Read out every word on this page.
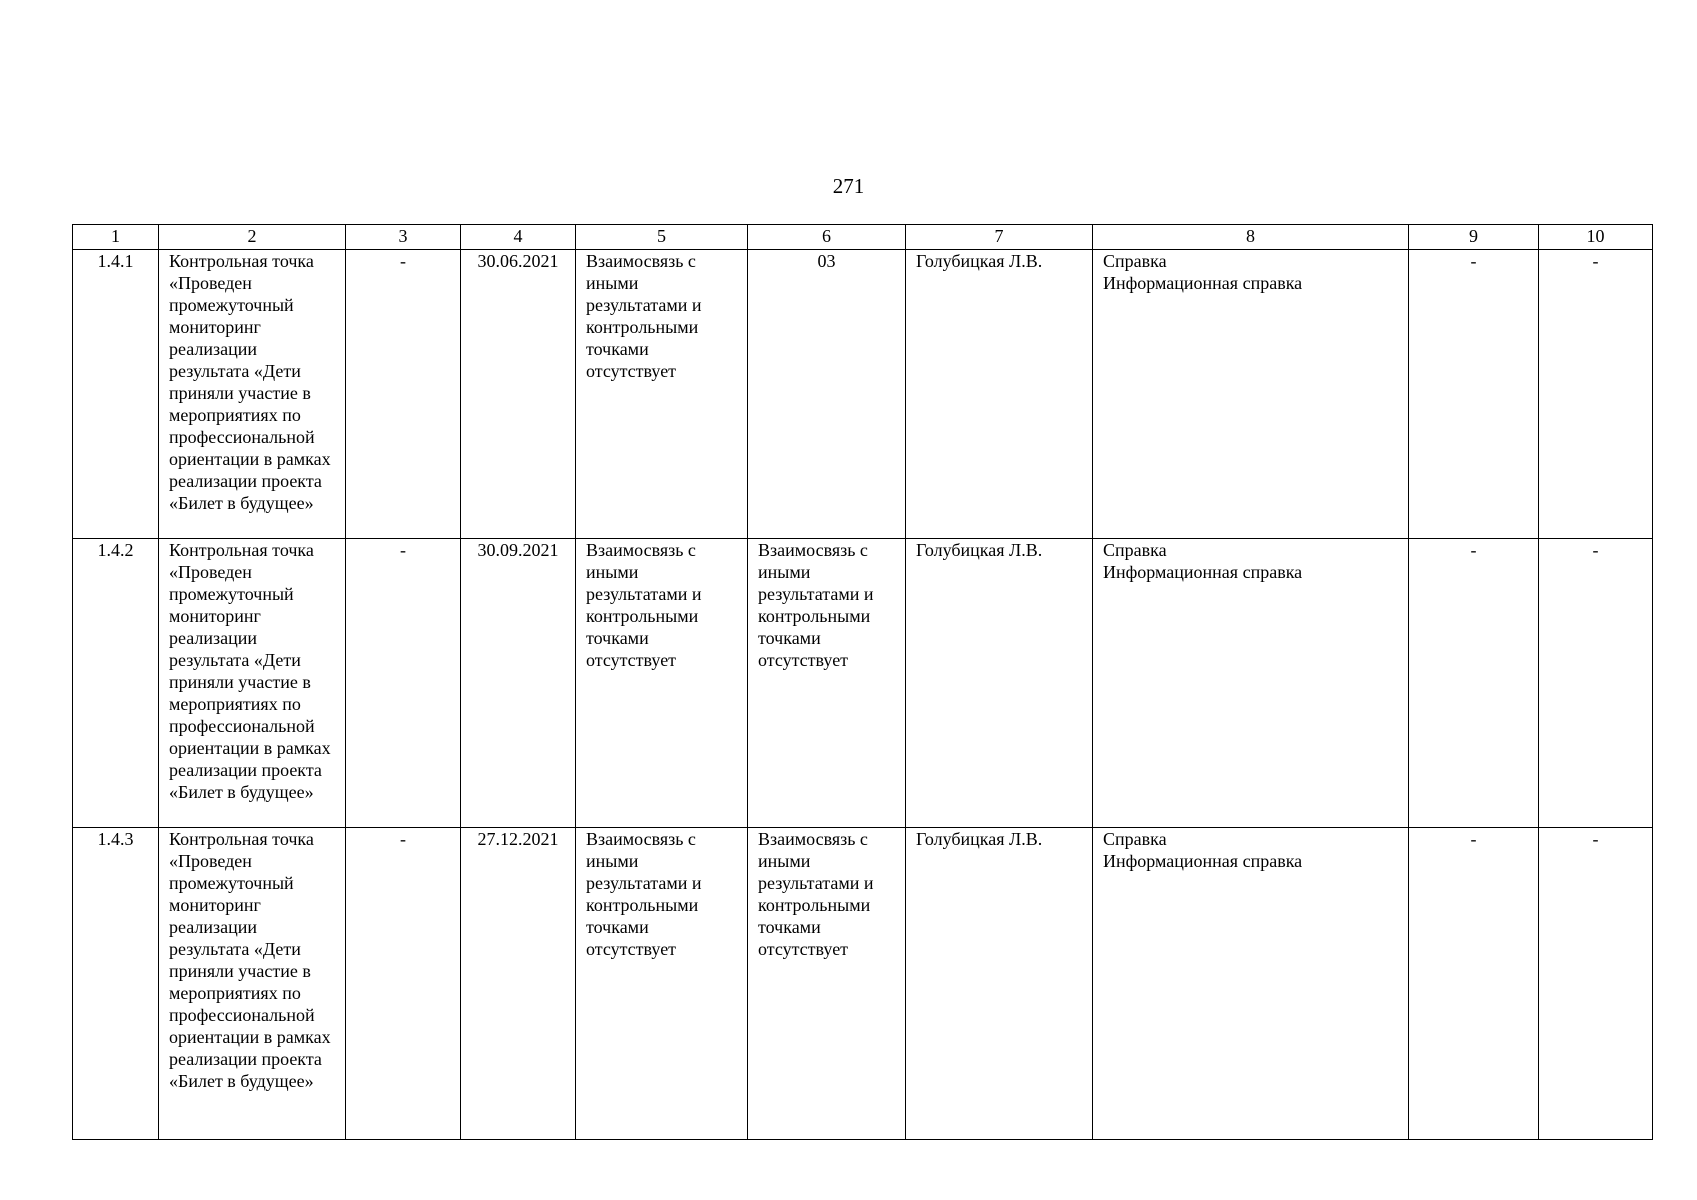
271
1	2	3	4	5	6	7	8	9	10
1.4.1	Контрольная точка «Проведен промежуточный мониторинг реализации результата «Дети приняли участие в мероприятиях по профессиональной ориентации в рамках реализации проекта «Билет в будущее»	-	30.06.2021	Взаимосвязь с иными результатами и контрольными точками отсутствует	03	Голубицкая Л.В.	Справка
Информационная справка	-	-
1.4.2	Контрольная точка «Проведен промежуточный мониторинг реализации результата «Дети приняли участие в мероприятиях по профессиональной ориентации в рамках реализации проекта «Билет в будущее»	-	30.09.2021	Взаимосвязь с иными результатами и контрольными точками отсутствует	Взаимосвязь с иными результатами и контрольными точками отсутствует	Голубицкая Л.В.	Справка
Информационная справка	-	-
1.4.3	Контрольная точка «Проведен промежуточный мониторинг реализации результата «Дети приняли участие в мероприятиях по профессиональной ориентации в рамках реализации проекта «Билет в будущее»	-	27.12.2021	Взаимосвязь с иными результатами и контрольными точками отсутствует	Взаимосвязь с иными результатами и контрольными точками отсутствует	Голубицкая Л.В.	Справка
Информационная справка	-	-
